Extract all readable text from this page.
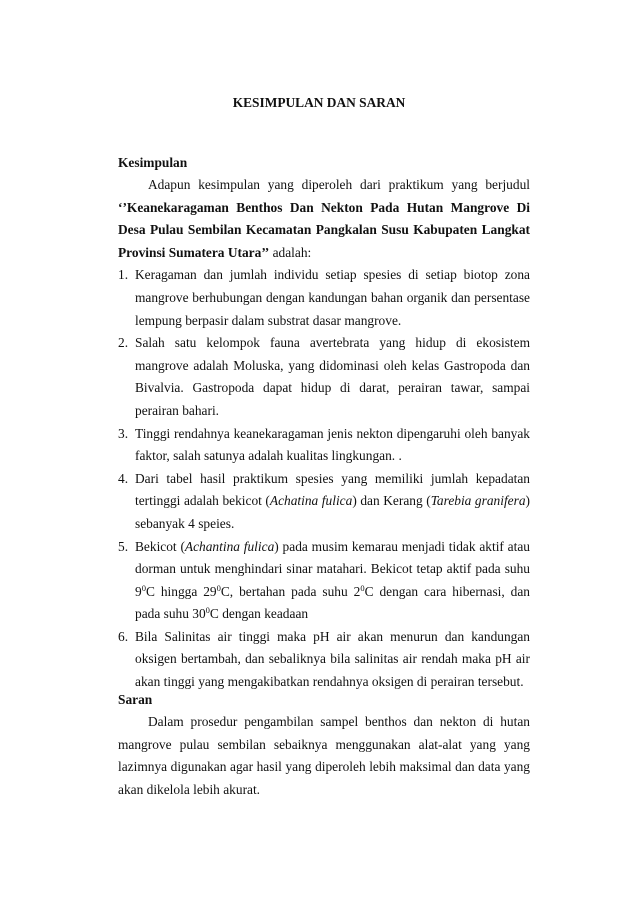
KESIMPULAN DAN SARAN
Kesimpulan
Adapun kesimpulan yang diperoleh dari praktikum yang berjudul ‘’Keanekaragaman Benthos Dan Nekton Pada Hutan Mangrove Di Desa Pulau Sembilan Kecamatan Pangkalan Susu Kabupaten Langkat Provinsi Sumatera Utara’’ adalah:
1. Keragaman dan jumlah individu setiap spesies di setiap biotop zona mangrove berhubungan dengan kandungan bahan organik dan persentase lempung berpasir dalam substrat dasar mangrove.
2. Salah satu kelompok fauna avertebrata yang hidup di ekosistem mangrove adalah Moluska, yang didominasi oleh kelas Gastropoda dan Bivalvia. Gastropoda dapat hidup di darat, perairan tawar, sampai perairan bahari.
3. Tinggi rendahnya keanekaragaman jenis nekton dipengaruhi oleh banyak faktor, salah satunya adalah kualitas lingkungan. .
4. Dari tabel hasil praktikum spesies yang memiliki jumlah kepadatan tertinggi adalah bekicot (Achatina fulica) dan Kerang (Tarebia granifera) sebanyak 4 speies.
5. Bekicot (Achantina fulica) pada musim kemarau menjadi tidak aktif atau dorman untuk menghindari sinar matahari. Bekicot tetap aktif pada suhu $9^0C$ hingga $29^0C$, bertahan pada suhu $2^0C$ dengan cara hibernasi, dan pada suhu $30^0C$ dengan keadaan
6. Bila Salinitas air tinggi maka pH air akan menurun dan kandungan oksigen bertambah, dan sebaliknya bila salinitas air rendah maka pH air akan tinggi yang mengakibatkan rendahnya oksigen di perairan tersebut.
Saran
Dalam prosedur pengambilan sampel benthos dan nekton di hutan mangrove pulau sembilan sebaiknya menggunakan alat-alat yang yang lazimnya digunakan agar hasil yang diperoleh lebih maksimal dan data yang akan dikelola lebih akurat.
